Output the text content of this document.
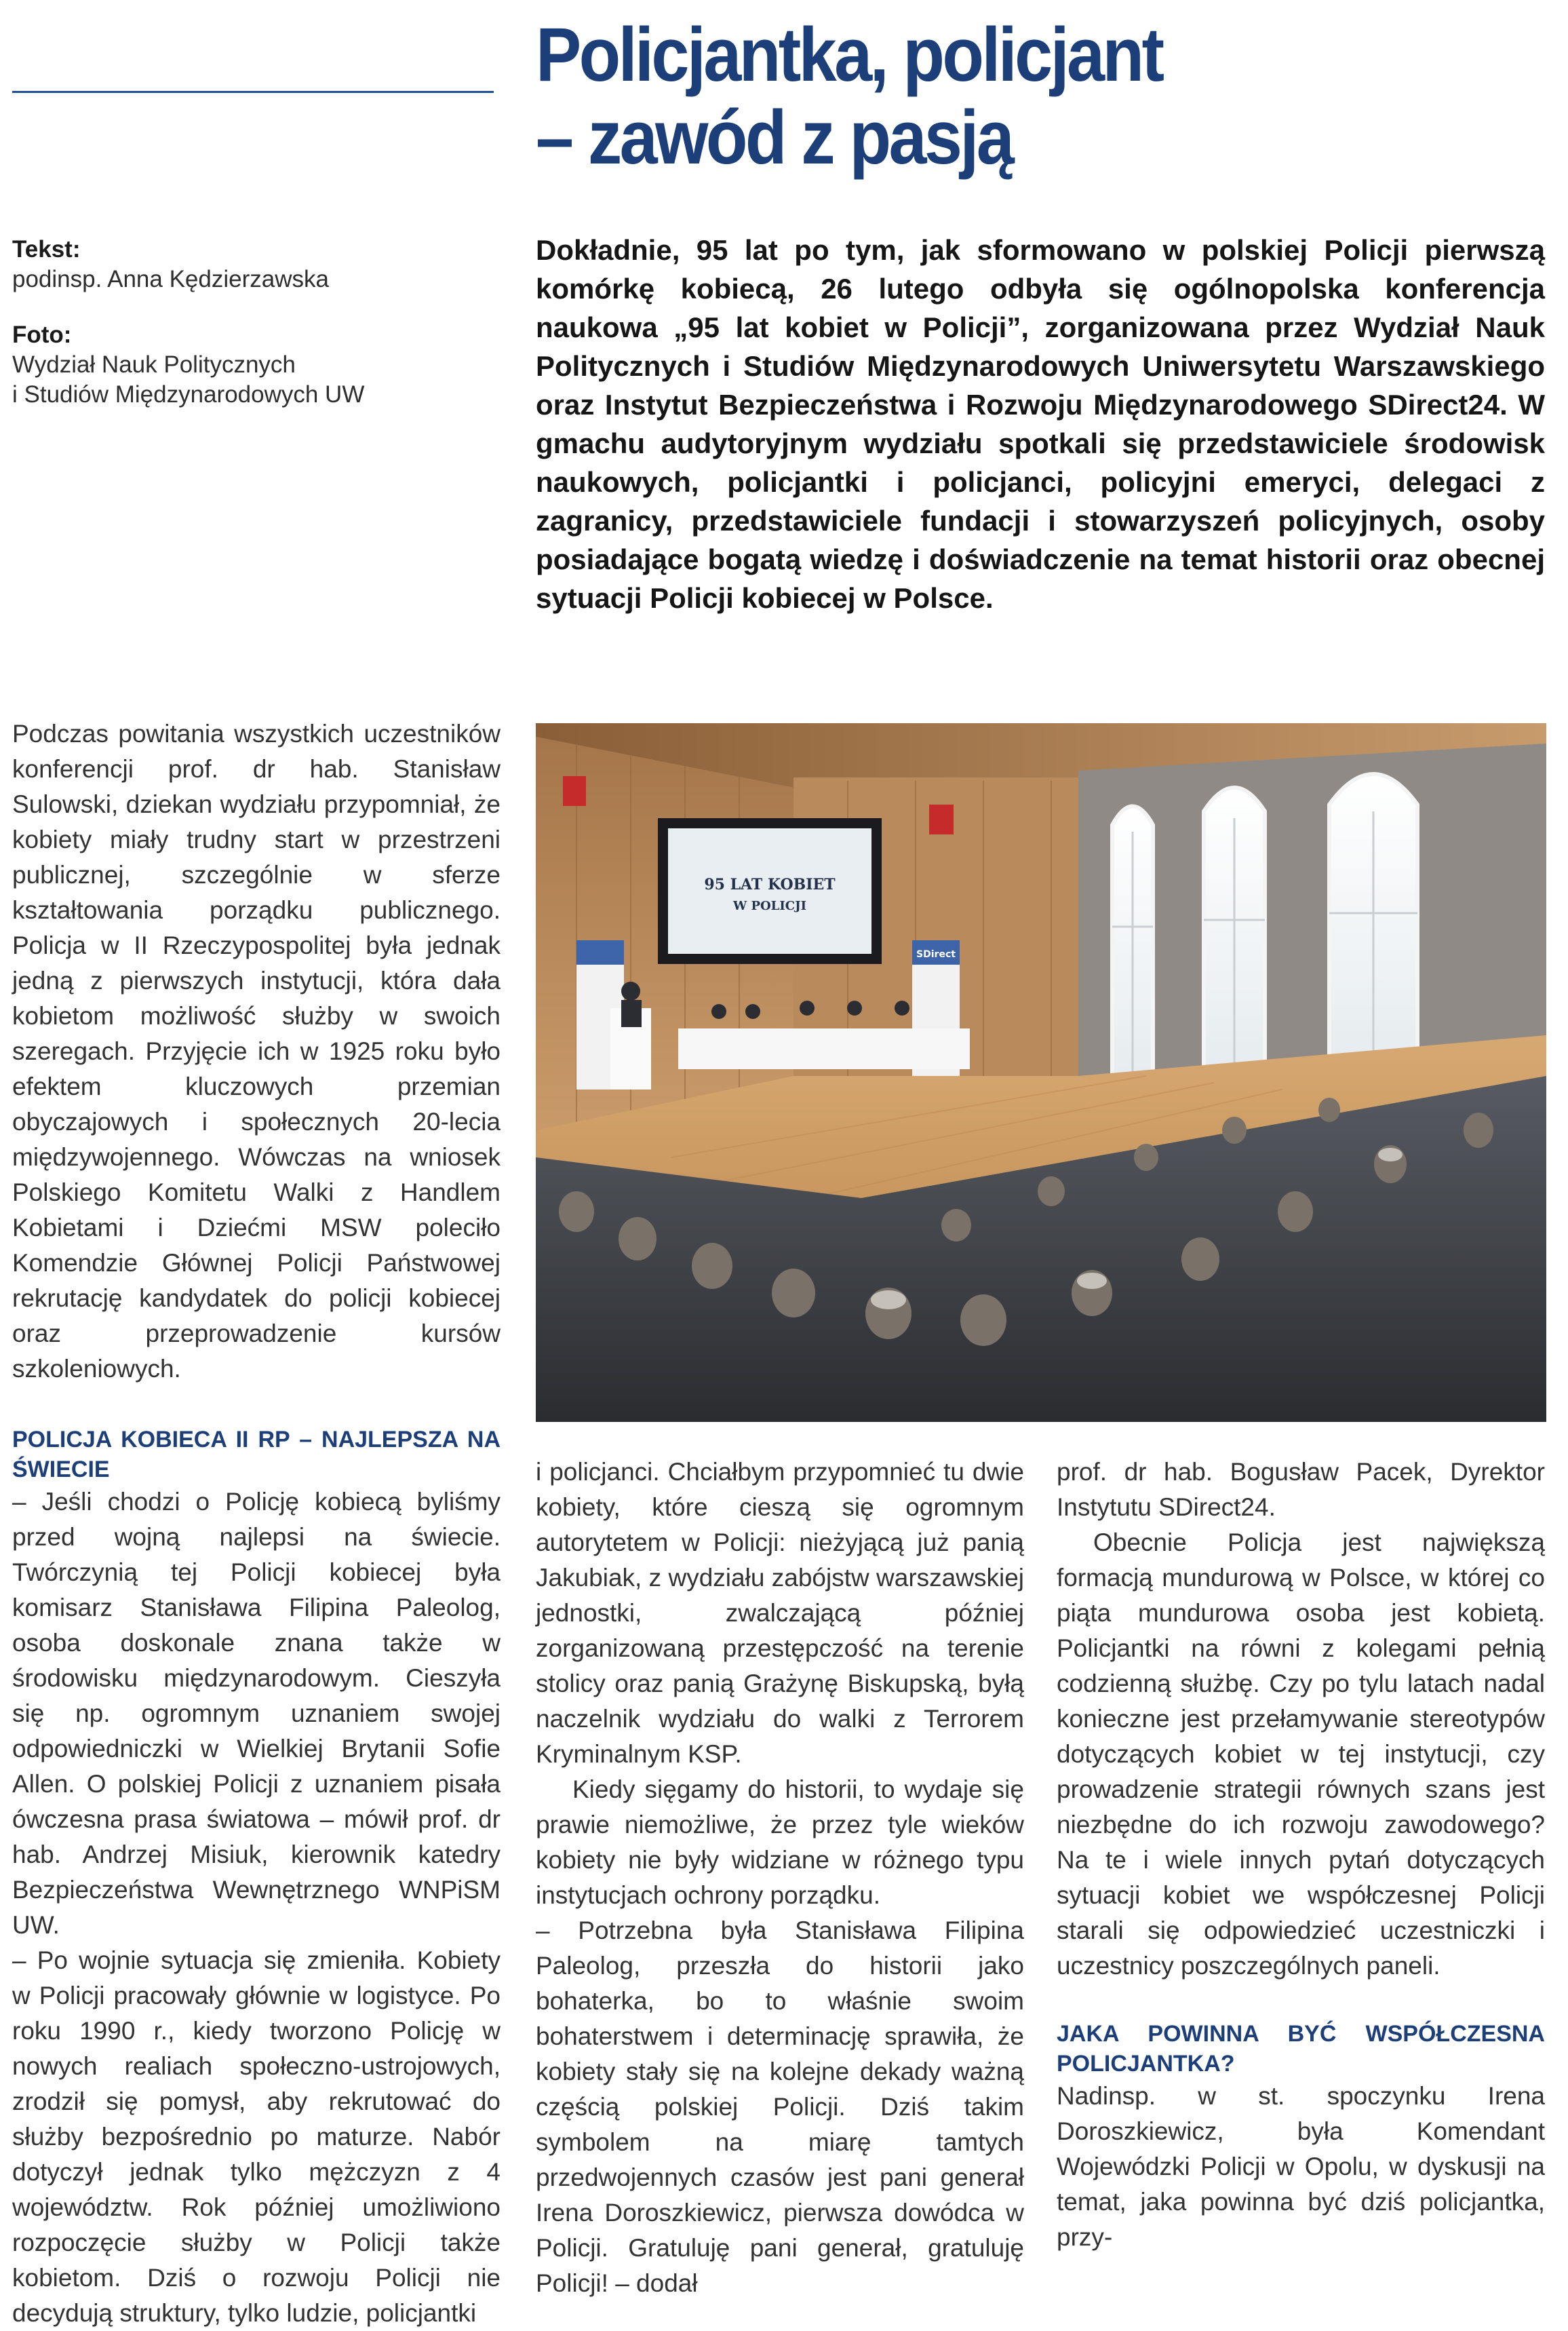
Policjantka, policjant
– zawód z pasją
Tekst:
podinsp. Anna Kędzierzawska
Foto:
Wydział Nauk Politycznych
i Studiów Międzynarodowych UW

Dokładnie, 95 lat po tym, jak sformowano w polskiej Policji pierwszą komórkę kobiecą, 26 lutego odbyła się ogólnopolska konferencja naukowa „95 lat kobiet w Policji”, zorganizowana przez Wydział Nauk Politycznych i Studiów Międzynarodowych Uniwersytetu Warszawskiego oraz Instytut Bezpieczeństwa i Rozwoju Międzynarodowego SDirect24. W gmachu audytoryjnym wydziału spotkali się przedstawiciele środowisk naukowych, policjantki i policjanci, policyjni emeryci, delegaci z zagranicy, przedstawiciele fundacji i stowarzyszeń policyjnych, osoby posiadające bogatą wiedzę i doświadczenie na temat historii oraz obecnej sytuacji Policji kobiecej w Polsce.

95 LAT KOBIET
W POLICJI
SDirect

Podczas powitania wszystkich uczestników konferencji prof. dr hab. Stanisław Sulowski, dziekan wydziału przypomniał, że kobiety miały trudny start w przestrzeni publicznej, szczególnie w sferze kształtowania porządku publicznego. Policja w II Rzeczypospolitej była jednak jedną z pierwszych instytucji, która dała kobietom możliwość służby w swoich szeregach. Przyjęcie ich w 1925 roku było efektem kluczowych przemian obyczajowych i społecznych 20-lecia międzywojennego. Wówczas na wniosek Polskiego Komitetu Walki z Handlem Kobietami i Dziećmi MSW poleciło Komendzie Głównej Policji Państwowej rekrutację kandydatek do policji kobiecej oraz przeprowadzenie kursów szkoleniowych.

POLICJA KOBIECA II RP – NAJLEPSZA NA ŚWIECIE

– Jeśli chodzi o Policję kobiecą byliśmy przed wojną najlepsi na świecie. Twórczynią tej Policji kobiecej była komisarz Stanisława Filipina Paleolog, osoba doskonale znana także w środowisku międzynarodowym. Cieszyła się np. ogromnym uznaniem swojej odpowiedniczki w Wielkiej Brytanii Sofie Allen. O polskiej Policji z uznaniem pisała ówczesna prasa światowa – mówił prof. dr hab. Andrzej Misiuk, kierownik katedry Bezpieczeństwa Wewnętrznego WNPiSM UW.

– Po wojnie sytuacja się zmieniła. Kobiety w Policji pracowały głównie w logistyce. Po roku 1990 r., kiedy tworzono Policję w nowych realiach społeczno-ustrojowych, zrodził się pomysł, aby rekrutować do służby bezpośrednio po maturze. Nabór dotyczył jednak tylko mężczyzn z 4 województw. Rok później umożliwiono rozpoczęcie służby w Policji także kobietom. Dziś o rozwoju Policji nie decydują struktury, tylko ludzie, policjantki

i policjanci. Chciałbym przypomnieć tu dwie kobiety, które cieszą się ogromnym autorytetem w Policji: nieżyjącą już panią Jakubiak, z wydziału zabójstw warszawskiej jednostki, zwalczającą później zorganizowaną przestępczość na terenie stolicy oraz panią Grażynę Biskupską, byłą naczelnik wydziału do walki z Terrorem Kryminalnym KSP.

Kiedy sięgamy do historii, to wydaje się prawie niemożliwe, że przez tyle wieków kobiety nie były widziane w różnego typu instytucjach ochrony porządku.

– Potrzebna była Stanisława Filipina Paleolog, przeszła do historii jako bohaterka, bo to właśnie swoim bohaterstwem i determinację sprawiła, że kobiety stały się na kolejne dekady ważną częścią polskiej Policji. Dziś takim symbolem na miarę tamtych przedwojennych czasów jest pani generał Irena Doroszkiewicz, pierwsza dowódca w Policji. Gratuluję pani generał, gratuluję Policji! – dodał

prof. dr hab. Bogusław Pacek, Dyrektor Instytutu SDirect24.

Obecnie Policja jest największą formacją mundurową w Polsce, w której co piąta mundurowa osoba jest kobietą. Policjantki na równi z kolegami pełnią codzienną służbę. Czy po tylu latach nadal konieczne jest przełamywanie stereotypów dotyczących kobiet w tej instytucji, czy prowadzenie strategii równych szans jest niezbędne do ich rozwoju zawodowego? Na te i wiele innych pytań dotyczących sytuacji kobiet we współczesnej Policji starali się odpowiedzieć uczestniczki i uczestnicy poszczególnych paneli.

JAKA POWINNA BYĆ WSPÓŁCZESNA POLICJANTKA?

Nadinsp. w st. spoczynku Irena Doroszkiewicz, była Komendant Wojewódzki Policji w Opolu, w dyskusji na temat, jaka powinna być dziś policjantka, przy-
